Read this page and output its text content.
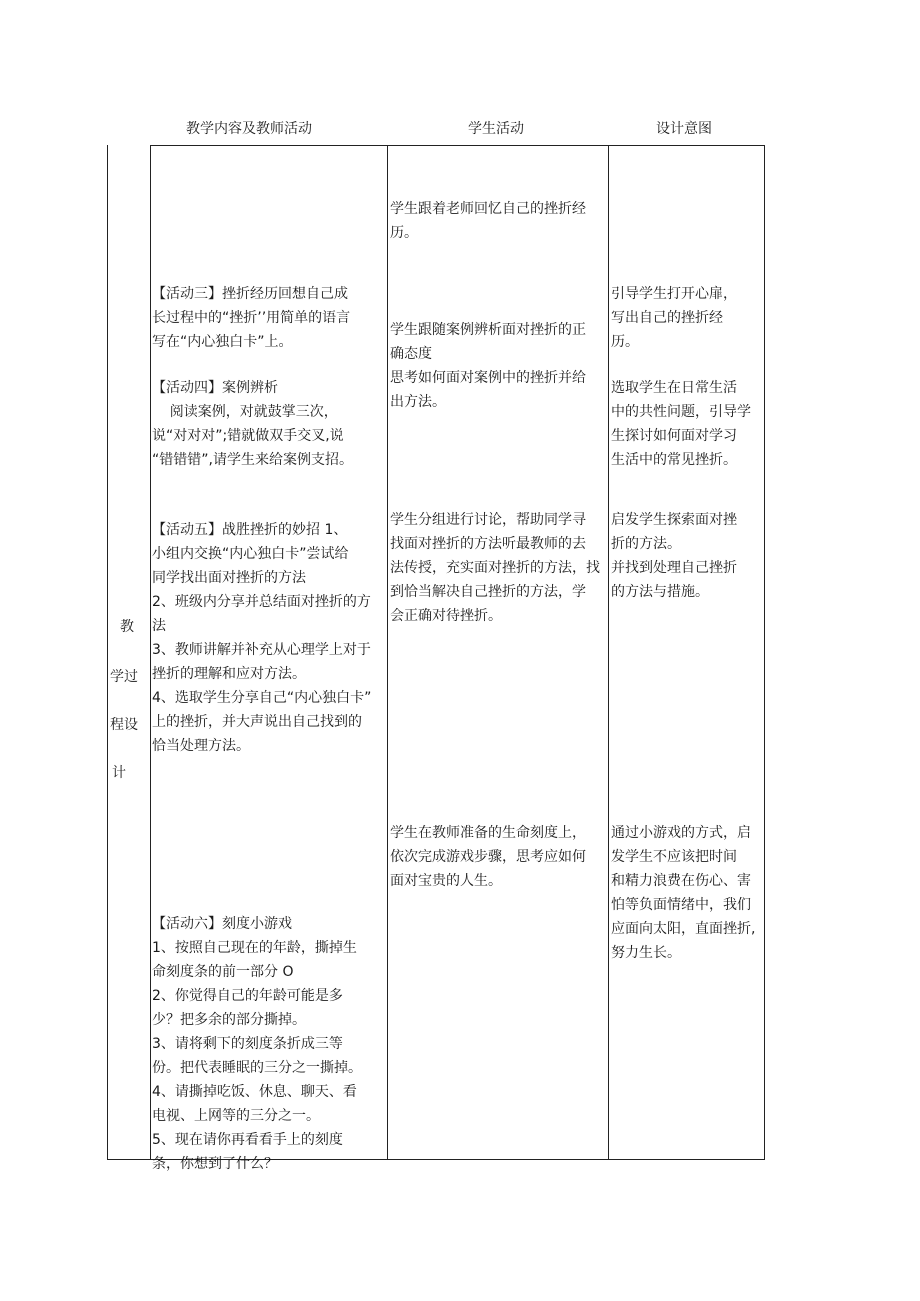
教学内容及教师活动	学生活动	设计意图
教
学过
程设
计

【活动三】挫折经历回想自己成
长过程中的“挫折’’用简单的语言
写在“内心独白卡”上。

【活动四】案例辨析
阅读案例，对就鼓掌三次，
说“对对对”;错就做双手交叉,说
“错错错”,请学生来给案例支招。

【活动五】战胜挫折的妙招 1、
小组内交换“内心独白卡”尝试给
同学找出面对挫折的方法
2、班级内分享并总结面对挫折的方
法
3、教师讲解并补充从心理学上对于
挫折的理解和应对方法。
4、选取学生分享自己“内心独白卡”
上的挫折，并大声说出自己找到的
恰当处理方法。

【活动六】刻度小游戏
1、按照自己现在的年龄，撕掉生
命刻度条的前一部分 O
2、你觉得自己的年龄可能是多
少？把多余的部分撕掉。
3、请将剩下的刻度条折成三等
份。把代表睡眠的三分之一撕掉。
4、请撕掉吃饭、休息、聊天、看
电视、上网等的三分之一。
5、现在请你再看看手上的刻度
条，你想到了什么？

学生跟着老师回忆自己的挫折经
历。

学生跟随案例辨析面对挫折的正
确态度
思考如何面对案例中的挫折并给
出方法。

学生分组进行讨论，帮助同学寻
找面对挫折的方法听最教师的去
法传授，充实面对挫折的方法，找
到恰当解决自己挫折的方法，学
会正确对待挫折。

学生在教师准备的生命刻度上，
依次完成游戏步骤，思考应如何
面对宝贵的人生。

引导学生打开心扉，
写出自己的挫折经
历。

选取学生在日常生活
中的共性问题，引导学
生探讨如何面对学习
生活中的常见挫折。

启发学生探索面对挫
折的方法。
并找到处理自己挫折
的方法与措施。

通过小游戏的方式，启
发学生不应该把时间
和精力浪费在伤心、害
怕等负面情绪中，我们
应面向太阳，直面挫折,
努力生长。
